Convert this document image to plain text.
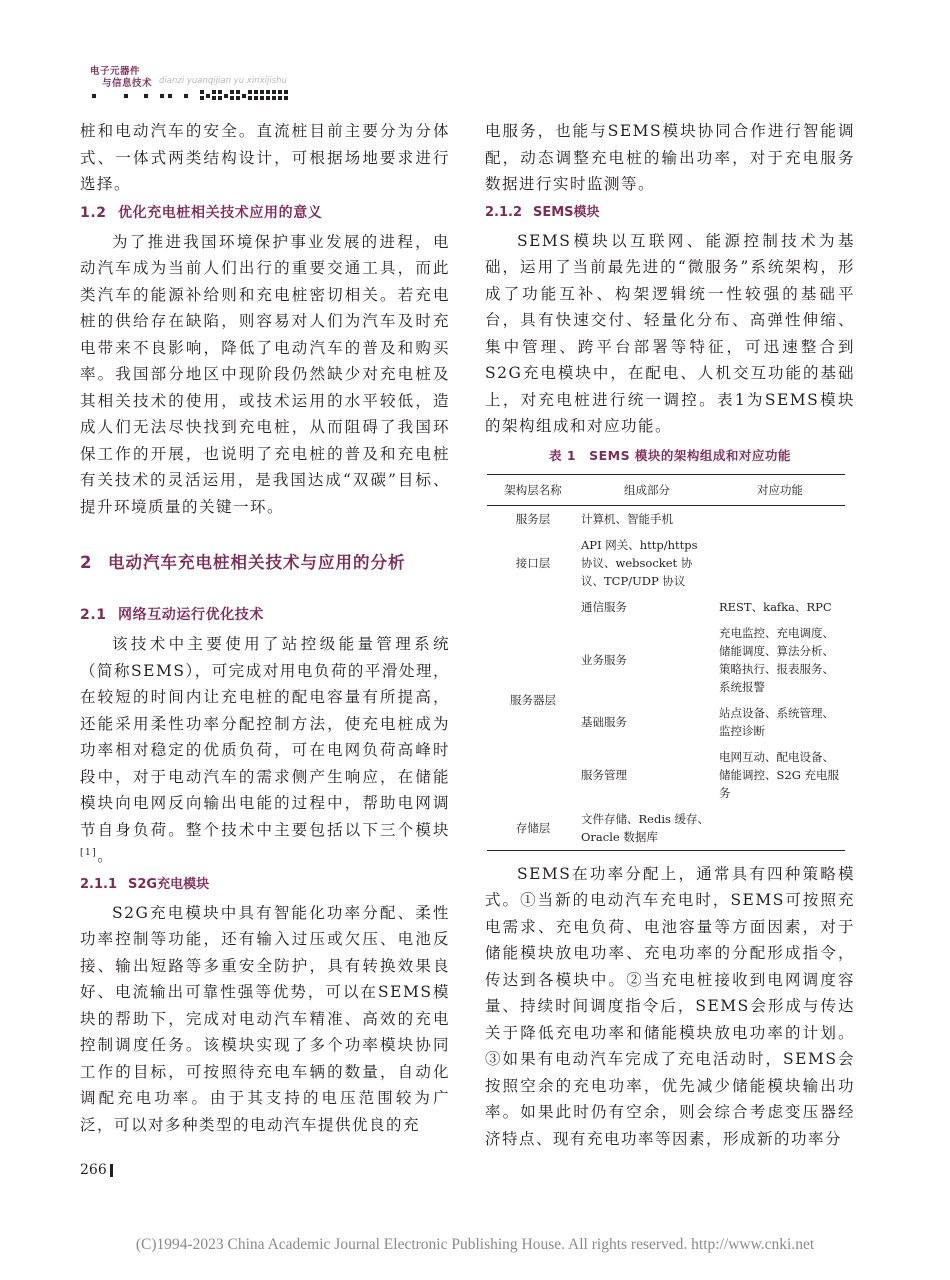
电子元器件
与信息技术 dianzi yuanqijian yu xinxijishu

桩和电动汽车的安全。直流桩目前主要分为分体式、一体式两类结构设计，可根据场地要求进行选择。

1.2 优化充电桩相关技术应用的意义

为了推进我国环境保护事业发展的进程，电动汽车成为当前人们出行的重要交通工具，而此类汽车的能源补给则和充电桩密切相关。若充电桩的供给存在缺陷，则容易对人们为汽车及时充电带来不良影响，降低了电动汽车的普及和购买率。我国部分地区中现阶段仍然缺少对充电桩及其相关技术的使用，或技术运用的水平较低，造成人们无法尽快找到充电桩，从而阻碍了我国环保工作的开展，也说明了充电桩的普及和充电桩有关技术的灵活运用，是我国达成“双碳”目标、提升环境质量的关键一环。

2 电动汽车充电桩相关技术与应用的分析
2.1 网络互动运行优化技术

该技术中主要使用了站控级能量管理系统（简称SEMS），可完成对用电负荷的平滑处理，在较短的时间内让充电桩的配电容量有所提高，还能采用柔性功率分配控制方法，使充电桩成为功率相对稳定的优质负荷，可在电网负荷高峰时段中，对于电动汽车的需求侧产生响应，在储能模块向电网反向输出电能的过程中，帮助电网调节自身负荷。整个技术中主要包括以下三个模块[1]。

2.1.1 S2G充电模块

S2G充电模块中具有智能化功率分配、柔性功率控制等功能，还有输入过压或欠压、电池反接、输出短路等多重安全防护，具有转换效果良好、电流输出可靠性强等优势，可以在SEMS模块的帮助下，完成对电动汽车精准、高效的充电控制调度任务。该模块实现了多个功率模块协同工作的目标，可按照待充电车辆的数量，自动化调配充电功率。由于其支持的电压范围较为广泛，可以对多种类型的电动汽车提供优良的充

电服务，也能与SEMS模块协同合作进行智能调配，动态调整充电桩的输出功率，对于充电服务数据进行实时监测等。

2.1.2 SEMS模块

SEMS模块以互联网、能源控制技术为基础，运用了当前最先进的“微服务”系统架构，形成了功能互补、构架逻辑统一性较强的基础平台，具有快速交付、轻量化分布、高弹性伸缩、集中管理、跨平台部署等特征，可迅速整合到S2G充电模块中，在配电、人机交互功能的基础上，对充电桩进行统一调控。表1为SEMS模块的架构组成和对应功能。

表 1　SEMS 模块的架构组成和对应功能
架构层名称	组成部分	对应功能
服务层	计算机、智能手机	
接口层	API 网关、http/https 协议、websocket 协议、TCP/UDP 协议	
服务器层	通信服务	REST、kafka、RPC
	业务服务	充电监控、充电调度、储能调度、算法分析、策略执行、报表服务、系统报警
	基础服务	站点设备、系统管理、监控诊断
	服务管理	电网互动、配电设备、储能调控、S2G 充电服务
存储层	文件存储、Redis 缓存、Oracle 数据库	

SEMS在功率分配上，通常具有四种策略模式。①当新的电动汽车充电时，SEMS可按照充电需求、充电负荷、电池容量等方面因素，对于储能模块放电功率、充电功率的分配形成指令，传达到各模块中。②当充电桩接收到电网调度容量、持续时间调度指令后，SEMS会形成与传达关于降低充电功率和储能模块放电功率的计划。③如果有电动汽车完成了充电活动时，SEMS会按照空余的充电功率，优先减少储能模块输出功率。如果此时仍有空余，则会综合考虑变压器经济特点、现有充电功率等因素，形成新的功率分

266
(C)1994-2023 China Academic Journal Electronic Publishing House. All rights reserved. http://www.cnki.net
